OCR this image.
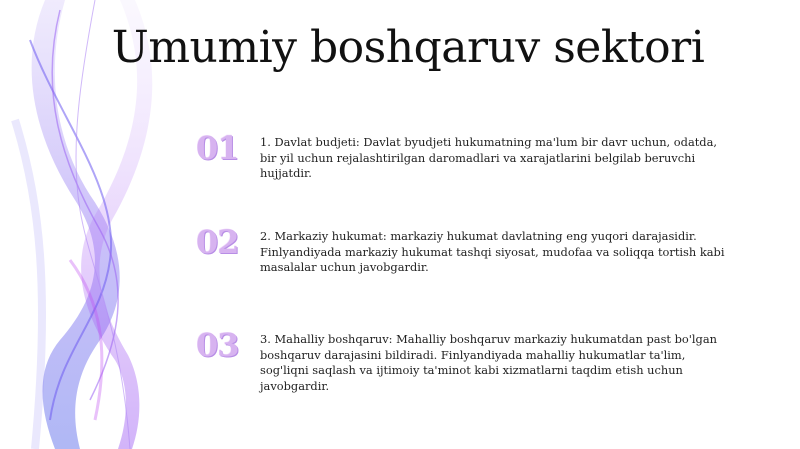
Umumiy boshqaruv sektori
01	1. Davlat budjeti: Davlat byudjeti hukumatning ma'lum bir davr uchun, odatda, bir yil uchun rejalashtirilgan daromadlari va xarajatlarini belgilab beruvchi hujjatdir.
02	2. Markaziy hukumat: markaziy hukumat davlatning eng yuqori darajasidir. Finlyandiyada markaziy hukumat tashqi siyosat, mudofaa va soliqqa tortish kabi masalalar uchun javobgardir.
03	3. Mahalliy boshqaruv: Mahalliy boshqaruv markaziy hukumatdan past bo'lgan boshqaruv darajasini bildiradi. Finlyandiyada mahalliy hukumatlar ta'lim, sog'liqni saqlash va ijtimoiy ta'minot kabi xizmatlarni taqdim etish uchun javobgardir.
